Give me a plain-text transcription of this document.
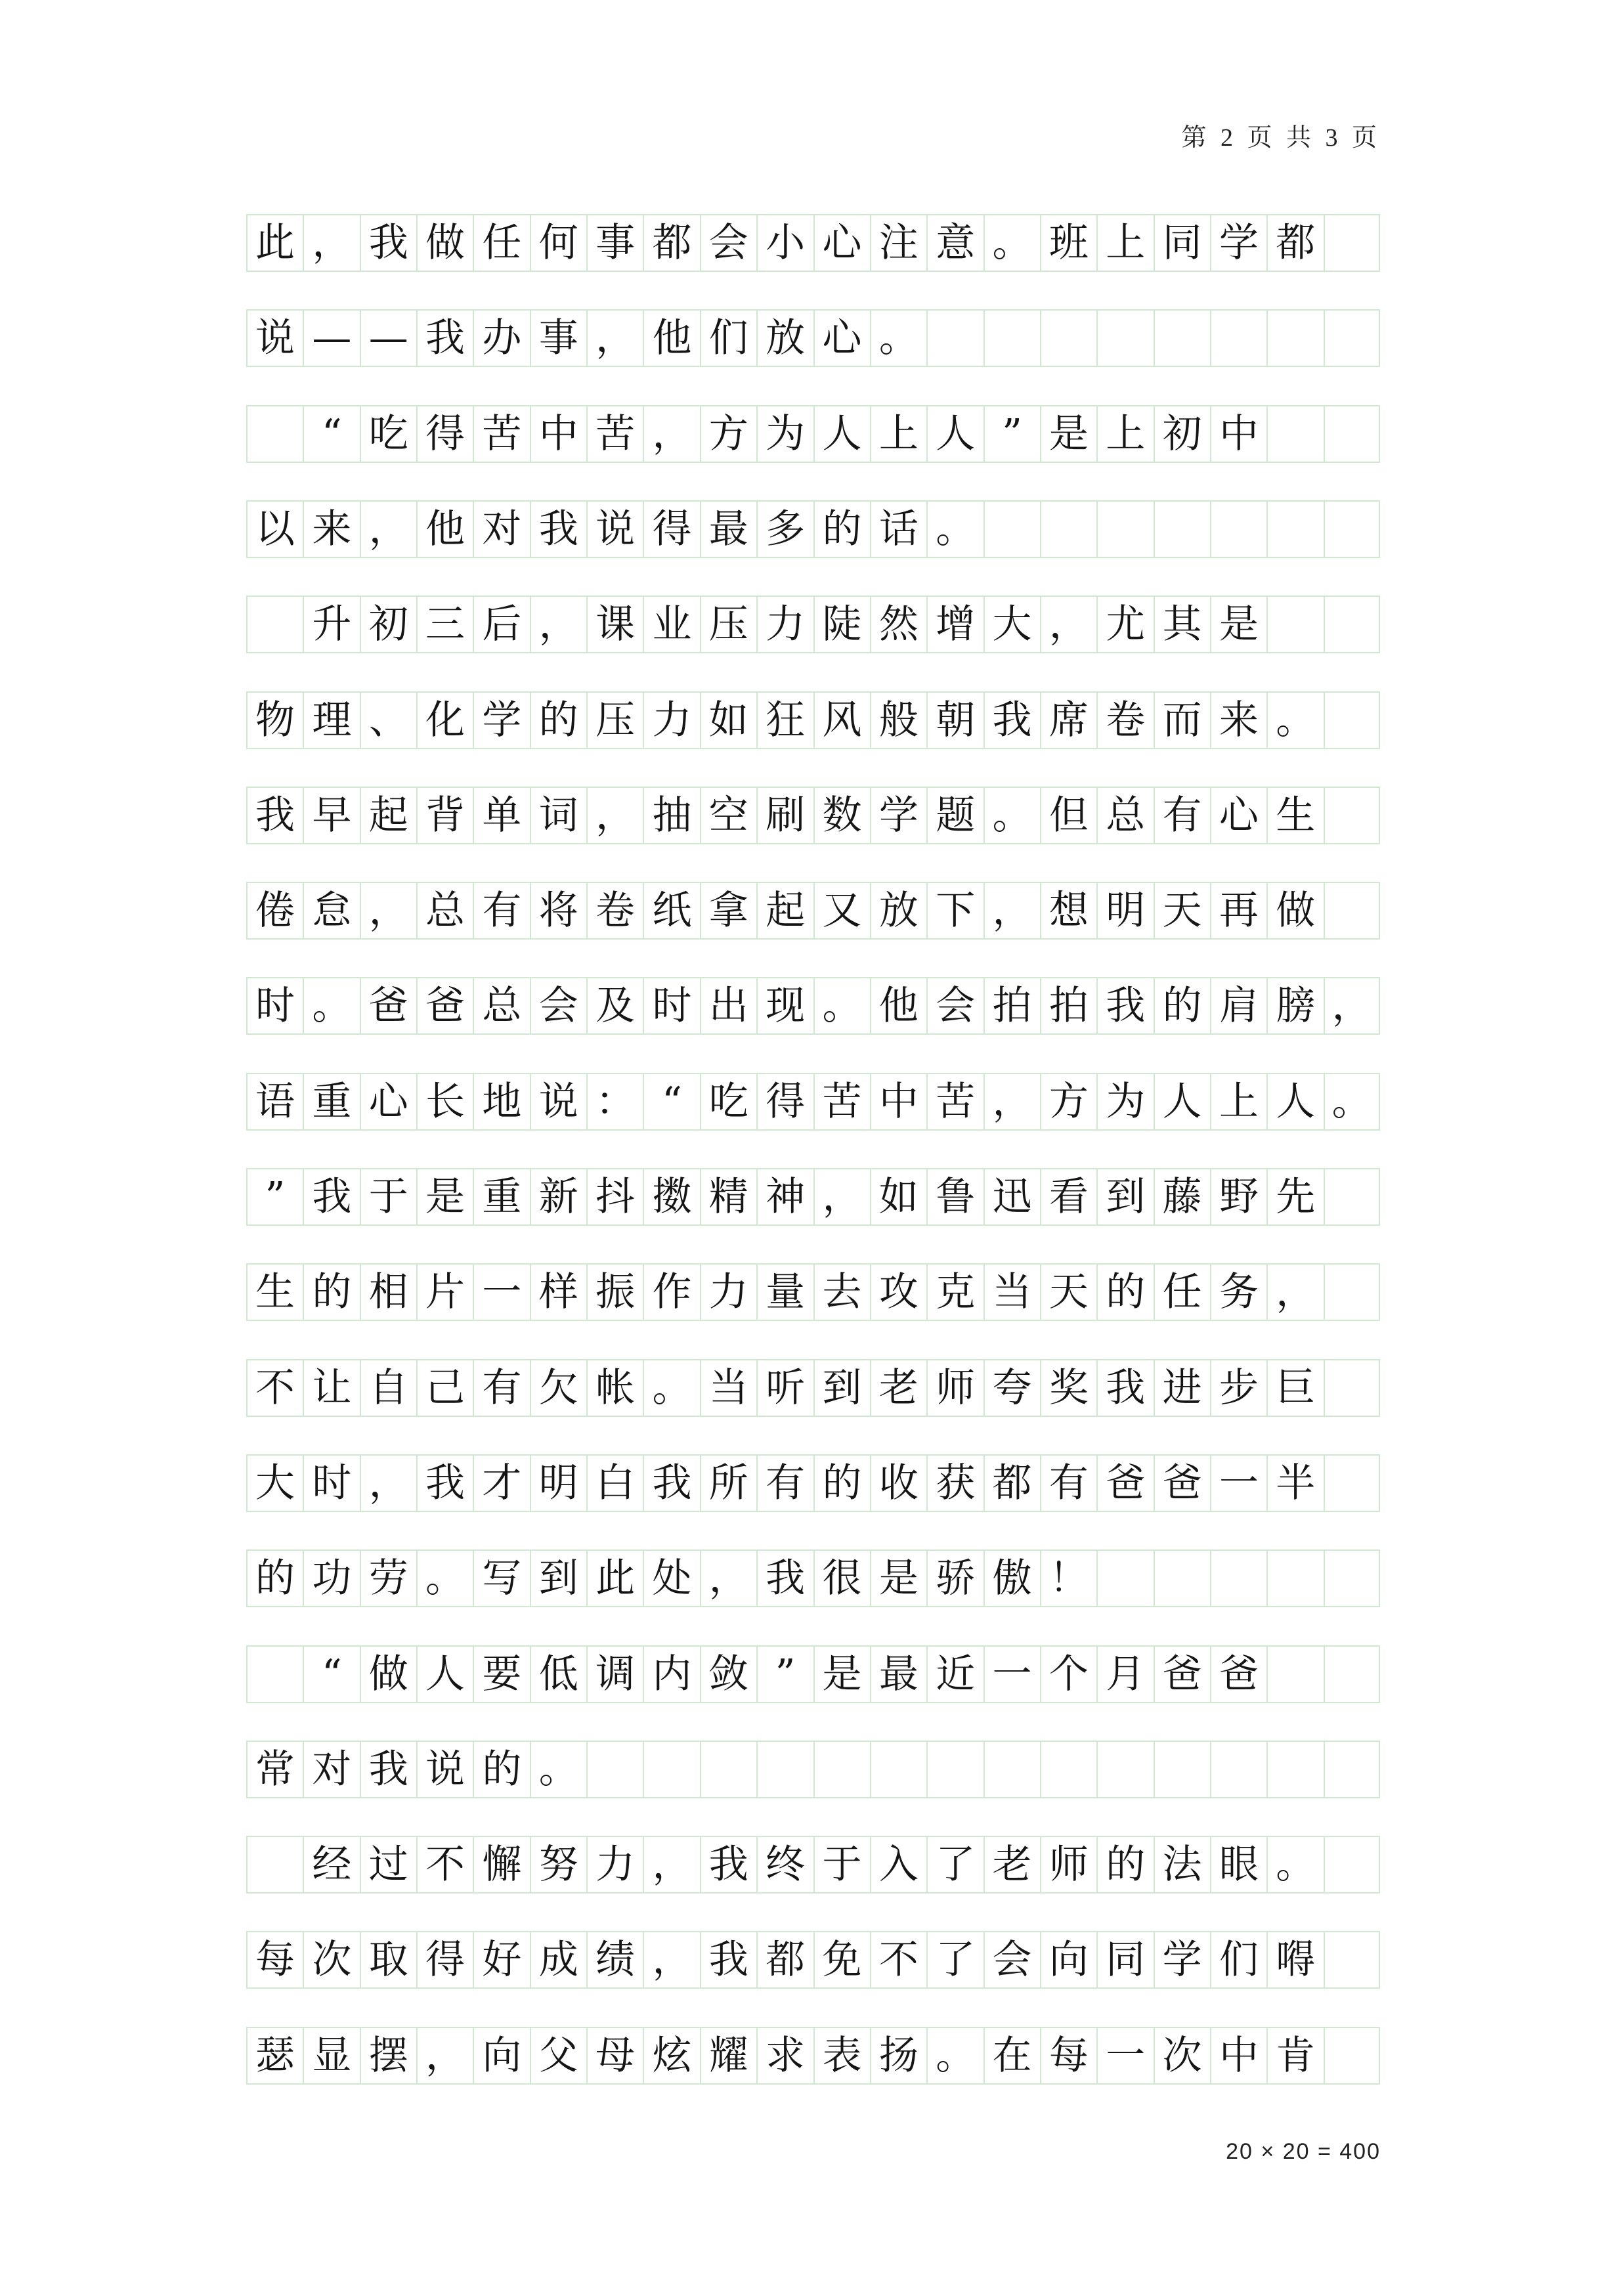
第 2 页 共 3 页
此 ， 我 做 任 何 事 都 会 小 心 注 意 。 班 上 同 学 都
说 — — 我 办 事 ， 他 们 放 心 。
“ 吃 得 苦 中 苦 ， 方 为 人 上 人 ” 是 上 初 中
以 来 ， 他 对 我 说 得 最 多 的 话 。
升 初 三 后 ， 课 业 压 力 陡 然 增 大 ， 尤 其 是
物 理 、 化 学 的 压 力 如 狂 风 般 朝 我 席 卷 而 来 。
我 早 起 背 单 词 ， 抽 空 刷 数 学 题 。 但 总 有 心 生
倦 怠 ， 总 有 将 卷 纸 拿 起 又 放 下 ， 想 明 天 再 做
时 。 爸 爸 总 会 及 时 出 现 。 他 会 拍 拍 我 的 肩 膀 ，
语 重 心 长 地 说 ： “ 吃 得 苦 中 苦 ， 方 为 人 上 人 。
” 我 于 是 重 新 抖 擞 精 神 ， 如 鲁 迅 看 到 藤 野 先
生 的 相 片 一 样 振 作 力 量 去 攻 克 当 天 的 任 务 ，
不 让 自 己 有 欠 帐 。 当 听 到 老 师 夸 奖 我 进 步 巨
大 时 ， 我 才 明 白 我 所 有 的 收 获 都 有 爸 爸 一 半
的 功 劳 。 写 到 此 处 ， 我 很 是 骄 傲 ！
“ 做 人 要 低 调 内 敛 ” 是 最 近 一 个 月 爸 爸
常 对 我 说 的 。
经 过 不 懈 努 力 ， 我 终 于 入 了 老 师 的 法 眼 。
每 次 取 得 好 成 绩 ， 我 都 免 不 了 会 向 同 学 们 嘚
瑟 显 摆 ， 向 父 母 炫 耀 求 表 扬 。 在 每 一 次 中 肯
20 × 20 = 400
